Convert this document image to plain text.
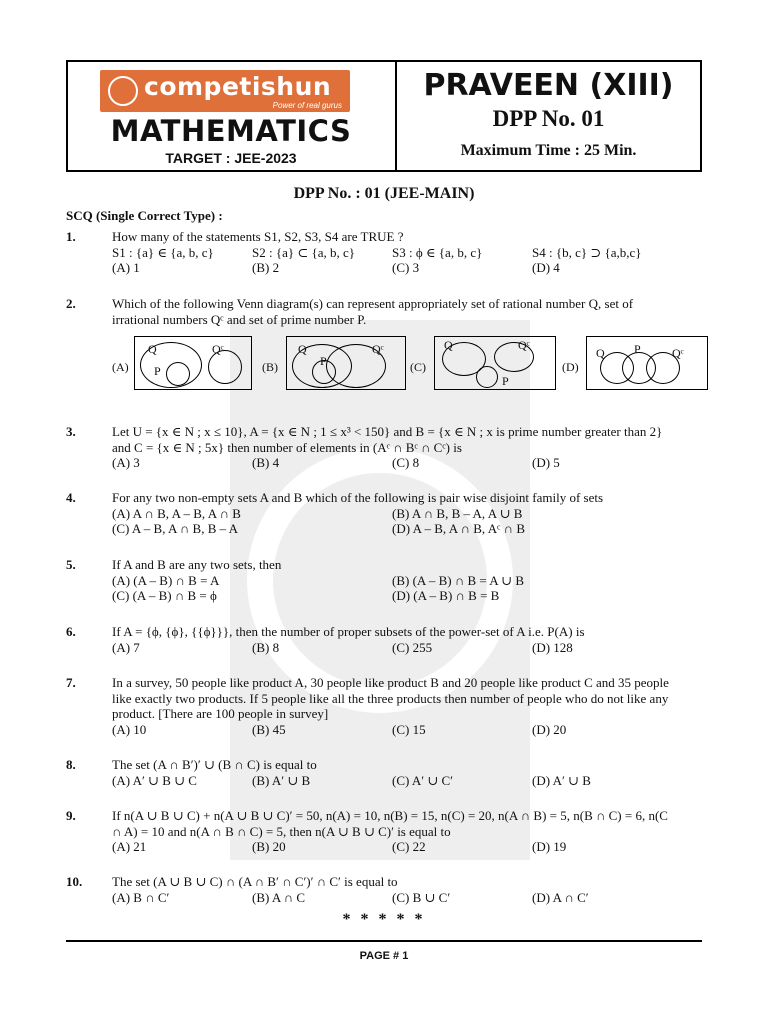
competishun
Power of real gurus
MATHEMATICS
TARGET : JEE-2023
PRAVEEN (XIII)
DPP No. 01
Maximum Time : 25 Min.
DPP No. : 01 (JEE-MAIN)
SCQ (Single Correct Type) :
1.	How many of the statements S1, S2, S3, S4 are TRUE ?
S1 : {a} ∈ {a, b, c}	S2 : {a} ⊂ {a, b, c}	S3 : ϕ ∈ {a, b, c}	S4 : {b, c} ⊃ {a,b,c}
(A) 1	(B) 2	(C) 3	(D) 4
2.	Which of the following Venn diagram(s) can represent appropriately set of rational number Q, set of
irrational numbers Qᶜ and set of prime number P.
(A)
Q
P
Qᶜ
(B)
Q
P
Qᶜ
(C)
Q	Qᶜ
P
(D)
Q P	Qᶜ
3.	Let U = {x ∈ N ; x ≤ 10}, A = {x ∈ N ; 1 ≤ x³ < 150} and B = {x ∈ N ; x is prime number greater than 2}
and C = {x ∈ N ; 5x} then number of elements in (Aᶜ ∩ Bᶜ ∩ Cᶜ) is
(A) 3	(B) 4	(C) 8	(D) 5
4.	For any two non-empty sets A and B which of the following is pair wise disjoint family of sets
(A) A ∩ B, A – B, A ∩ B	(B) A ∩ B, B – A, A ∪ B
(C) A – B, A ∩ B, B – A	(D) A – B, A ∩ B, Aᶜ ∩ B
5.	If A and B are any two sets, then
(A) (A – B) ∩ B = A	(B) (A – B) ∩ B = A ∪ B
(C) (A – B) ∩ B = ϕ	(D) (A – B) ∩ B = B
6.	If A = {ϕ, {ϕ}, {{ϕ}}}, then the number of proper subsets of the power-set of A i.e. P(A) is
(A) 7	(B) 8	(C) 255	(D) 128
7.	In a survey, 50 people like product A, 30 people like product B and 20 people like product C and 35 people
like exactly two products. If 5 people like all the three products then number of people who do not like any
product. [There are 100 people in survey]
(A) 10	(B) 45	(C) 15	(D) 20
8.	The set (A ∩ B′)′ ∪ (B ∩ C) is equal to
(A) A′ ∪ B ∪ C	(B) A′ ∪ B	(C) A′ ∪ C′	(D) A′ ∪ B
9.	If n(A ∪ B ∪ C) + n(A ∪ B ∪ C)′ = 50, n(A) = 10, n(B) = 15, n(C) = 20, n(A ∩ B) = 5, n(B ∩ C) = 6, n(C
∩ A) = 10 and n(A ∩ B ∩ C) = 5, then n(A ∪ B ∪ C)′ is equal to
(A) 21	(B) 20	(C) 22	(D) 19
10. The set (A ∪ B ∪ C) ∩ (A ∩ B′ ∩ C′)′ ∩ C′ is equal to
(A) B ∩ C′	(B) A ∩ C	(C) B ∪ C′	(D) A ∩ C′
* * * * *
PAGE # 1
